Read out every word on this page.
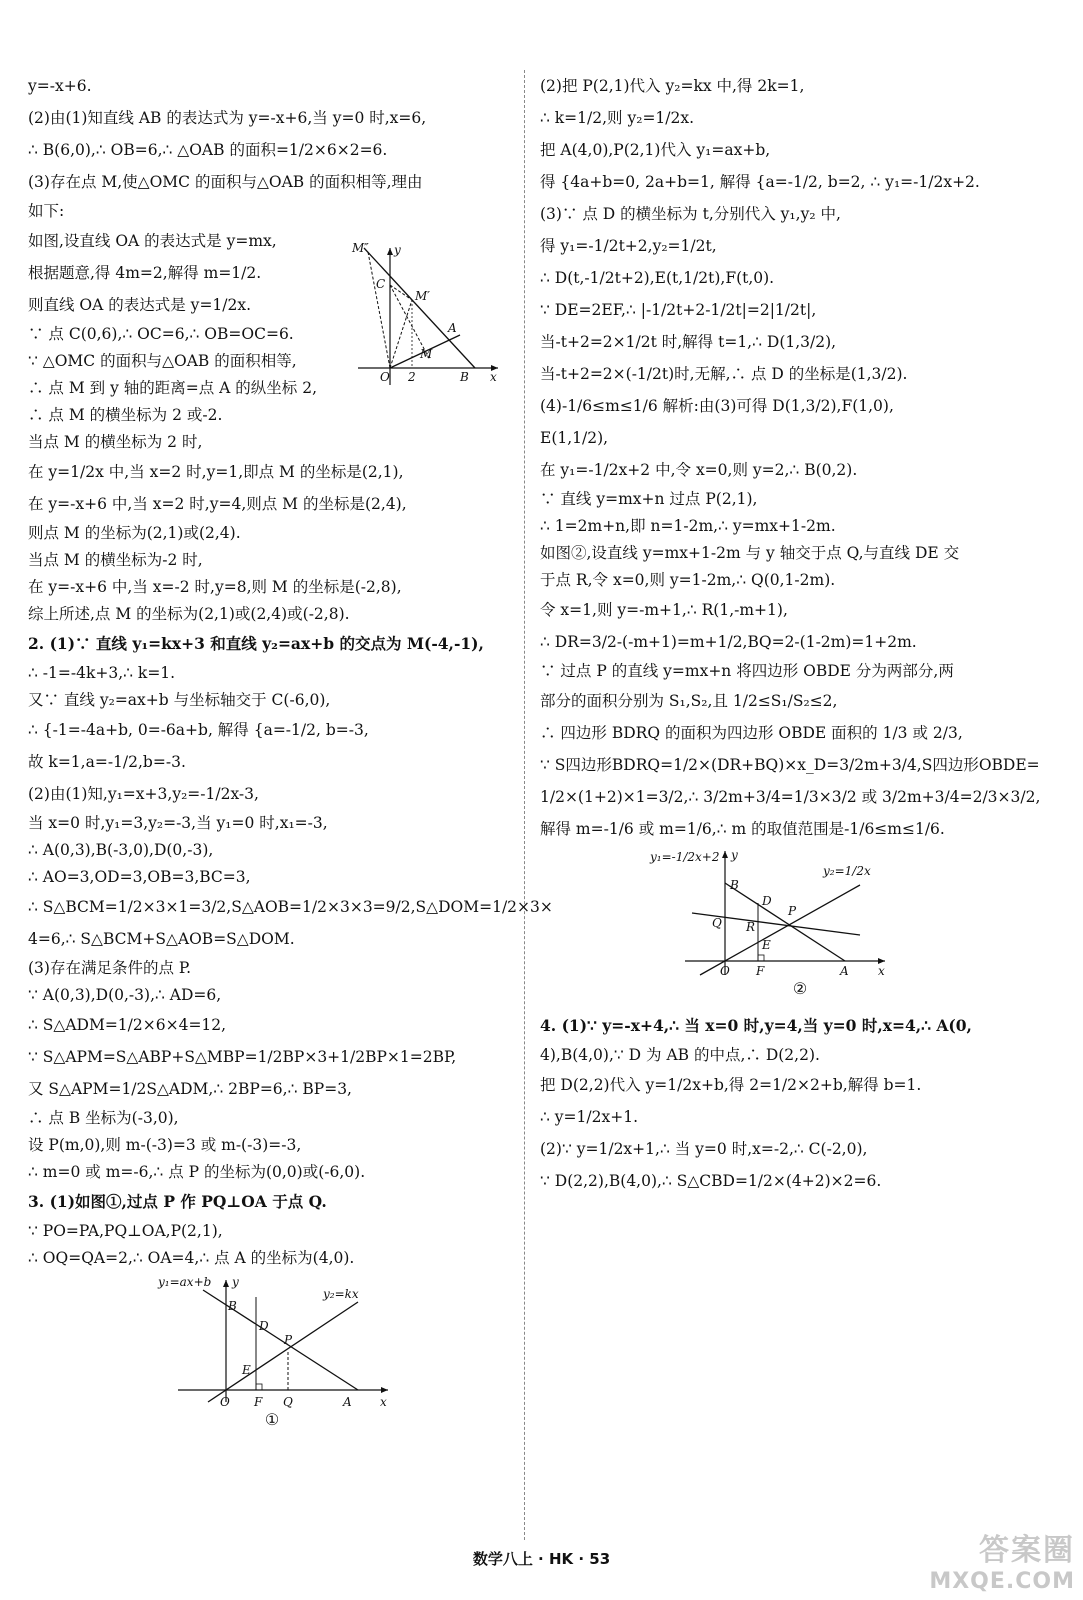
y=-x+6.
(2)由(1)知直线 AB 的表达式为 y=-x+6,当 y=0 时,x=6,
∴ B(6,0),∴ OB=6,∴ △OAB 的面积=1/2×6×2=6.
(3)存在点 M,使△OMC 的面积与△OAB 的面积相等,理由
如下:
如图,设直线 OA 的表达式是 y=mx,
根据题意,得 4m=2,解得 m=1/2.
则直线 OA 的表达式是 y=1/2x.
∵ 点 C(0,6),∴ OC=6,∴ OB=OC=6.
∵ △OMC 的面积与△OAB 的面积相等,
∴ 点 M 到 y 轴的距离=点 A 的纵坐标 2,
∴ 点 M 的横坐标为 2 或-2.
当点 M 的横坐标为 2 时,
在 y=1/2x 中,当 x=2 时,y=1,即点 M 的坐标是(2,1),
在 y=-x+6 中,当 x=2 时,y=4,则点 M 的坐标是(2,4),
则点 M 的坐标为(2,1)或(2,4).
当点 M 的横坐标为-2 时,
在 y=-x+6 中,当 x=-2 时,y=8,则 M 的坐标是(-2,8),
综上所述,点 M 的坐标为(2,1)或(2,4)或(-2,8).
2. (1)∵ 直线 y₁=kx+3 和直线 y₂=ax+b 的交点为 M(-4,-1),
∴ -1=-4k+3,∴ k=1.
又∵ 直线 y₂=ax+b 与坐标轴交于 C(-6,0),
∴ {-1=-4a+b, 0=-6a+b, 解得 {a=-1/2, b=-3,
故 k=1,a=-1/2,b=-3.
(2)由(1)知,y₁=x+3,y₂=-1/2x-3,
当 x=0 时,y₁=3,y₂=-3,当 y₁=0 时,x₁=-3,
∴ A(0,3),B(-3,0),D(0,-3),
∴ AO=3,OD=3,OB=3,BC=3,
∴ S△BCM=1/2×3×1=3/2,S△AOB=1/2×3×3=9/2,S△DOM=1/2×3×
4=6,∴ S△BCM+S△AOB=S△DOM.
(3)存在满足条件的点 P.
∵ A(0,3),D(0,-3),∴ AD=6,
∴ S△ADM=1/2×6×4=12,
∵ S△APM=S△ABP+S△MBP=1/2BP×3+1/2BP×1=2BP,
又 S△APM=1/2S△ADM,∴ 2BP=6,∴ BP=3,
∴ 点 B 坐标为(-3,0),
设 P(m,0),则 m-(-3)=3 或 m-(-3)=-3,
∴ m=0 或 m=-6,∴ 点 P 的坐标为(0,0)或(-6,0).
3. (1)如图①,过点 P 作 PQ⊥OA 于点 Q.
∵ PO=PA,PQ⊥OA,P(2,1),
∴ OQ=QA=2,∴ OA=4,∴ 点 A 的坐标为(4,0).
y₁=ax+b y
y₂=kx
B
D
P
E
O F Q	A x
①
(2)把 P(2,1)代入 y₂=kx 中,得 2k=1,
∴ k=1/2,则 y₂=1/2x.
把 A(4,0),P(2,1)代入 y₁=ax+b,
得 {4a+b=0, 2a+b=1, 解得 {a=-1/2, b=2, ∴ y₁=-1/2x+2.
(3)∵ 点 D 的横坐标为 t,分别代入 y₁,y₂ 中,
得 y₁=-1/2t+2,y₂=1/2t,
∴ D(t,-1/2t+2),E(t,1/2t),F(t,0).
∵ DE=2EF,∴ |-1/2t+2-1/2t|=2|1/2t|,
当-t+2=2×1/2t 时,解得 t=1,∴ D(1,3/2),
当-t+2=2×(-1/2t)时,无解,∴ 点 D 的坐标是(1,3/2).
(4)-1/6≤m≤1/6 解析:由(3)可得 D(1,3/2),F(1,0),
E(1,1/2),
在 y₁=-1/2x+2 中,令 x=0,则 y=2,∴ B(0,2).
∵ 直线 y=mx+n 过点 P(2,1),
∴ 1=2m+n,即 n=1-2m,∴ y=mx+1-2m.
如图②,设直线 y=mx+1-2m 与 y 轴交于点 Q,与直线 DE 交
于点 R,令 x=0,则 y=1-2m,∴ Q(0,1-2m).
令 x=1,则 y=-m+1,∴ R(1,-m+1),
∴ DR=3/2-(-m+1)=m+1/2,BQ=2-(1-2m)=1+2m.
∵ 过点 P 的直线 y=mx+n 将四边形 OBDE 分为两部分,两
部分的面积分别为 S₁,S₂,且 1/2≤S₁/S₂≤2,
∴ 四边形 BDRQ 的面积为四边形 OBDE 面积的 1/3 或 2/3,
∵ S四边形BDRQ=1/2×(DR+BQ)×x_D=3/2m+3/4,S四边形OBDE=
1/2×(1+2)×1=3/2,∴ 3/2m+3/4=1/3×3/2 或 3/2m+3/4=2/3×3/2,
解得 m=-1/6 或 m=1/6,∴ m 的取值范围是-1/6≤m≤1/6.
y₁=-1/2x+2 y
y₂=1/2x
B
D
P
Q R
E
O F	A x
②
4. (1)∵ y=-x+4,∴ 当 x=0 时,y=4,当 y=0 时,x=4,∴ A(0,
4),B(4,0),∵ D 为 AB 的中点,∴ D(2,2).
把 D(2,2)代入 y=1/2x+b,得 2=1/2×2+b,解得 b=1.
∴ y=1/2x+1.
(2)∵ y=1/2x+1,∴ 当 y=0 时,x=-2,∴ C(-2,0),
∵ D(2,2),B(4,0),∴ S△CBD=1/2×(4+2)×2=6.
M″ y
C
M′
A
M
O 2	B x
数学八上 · HK · 53	答案圈
MXQE.COM
